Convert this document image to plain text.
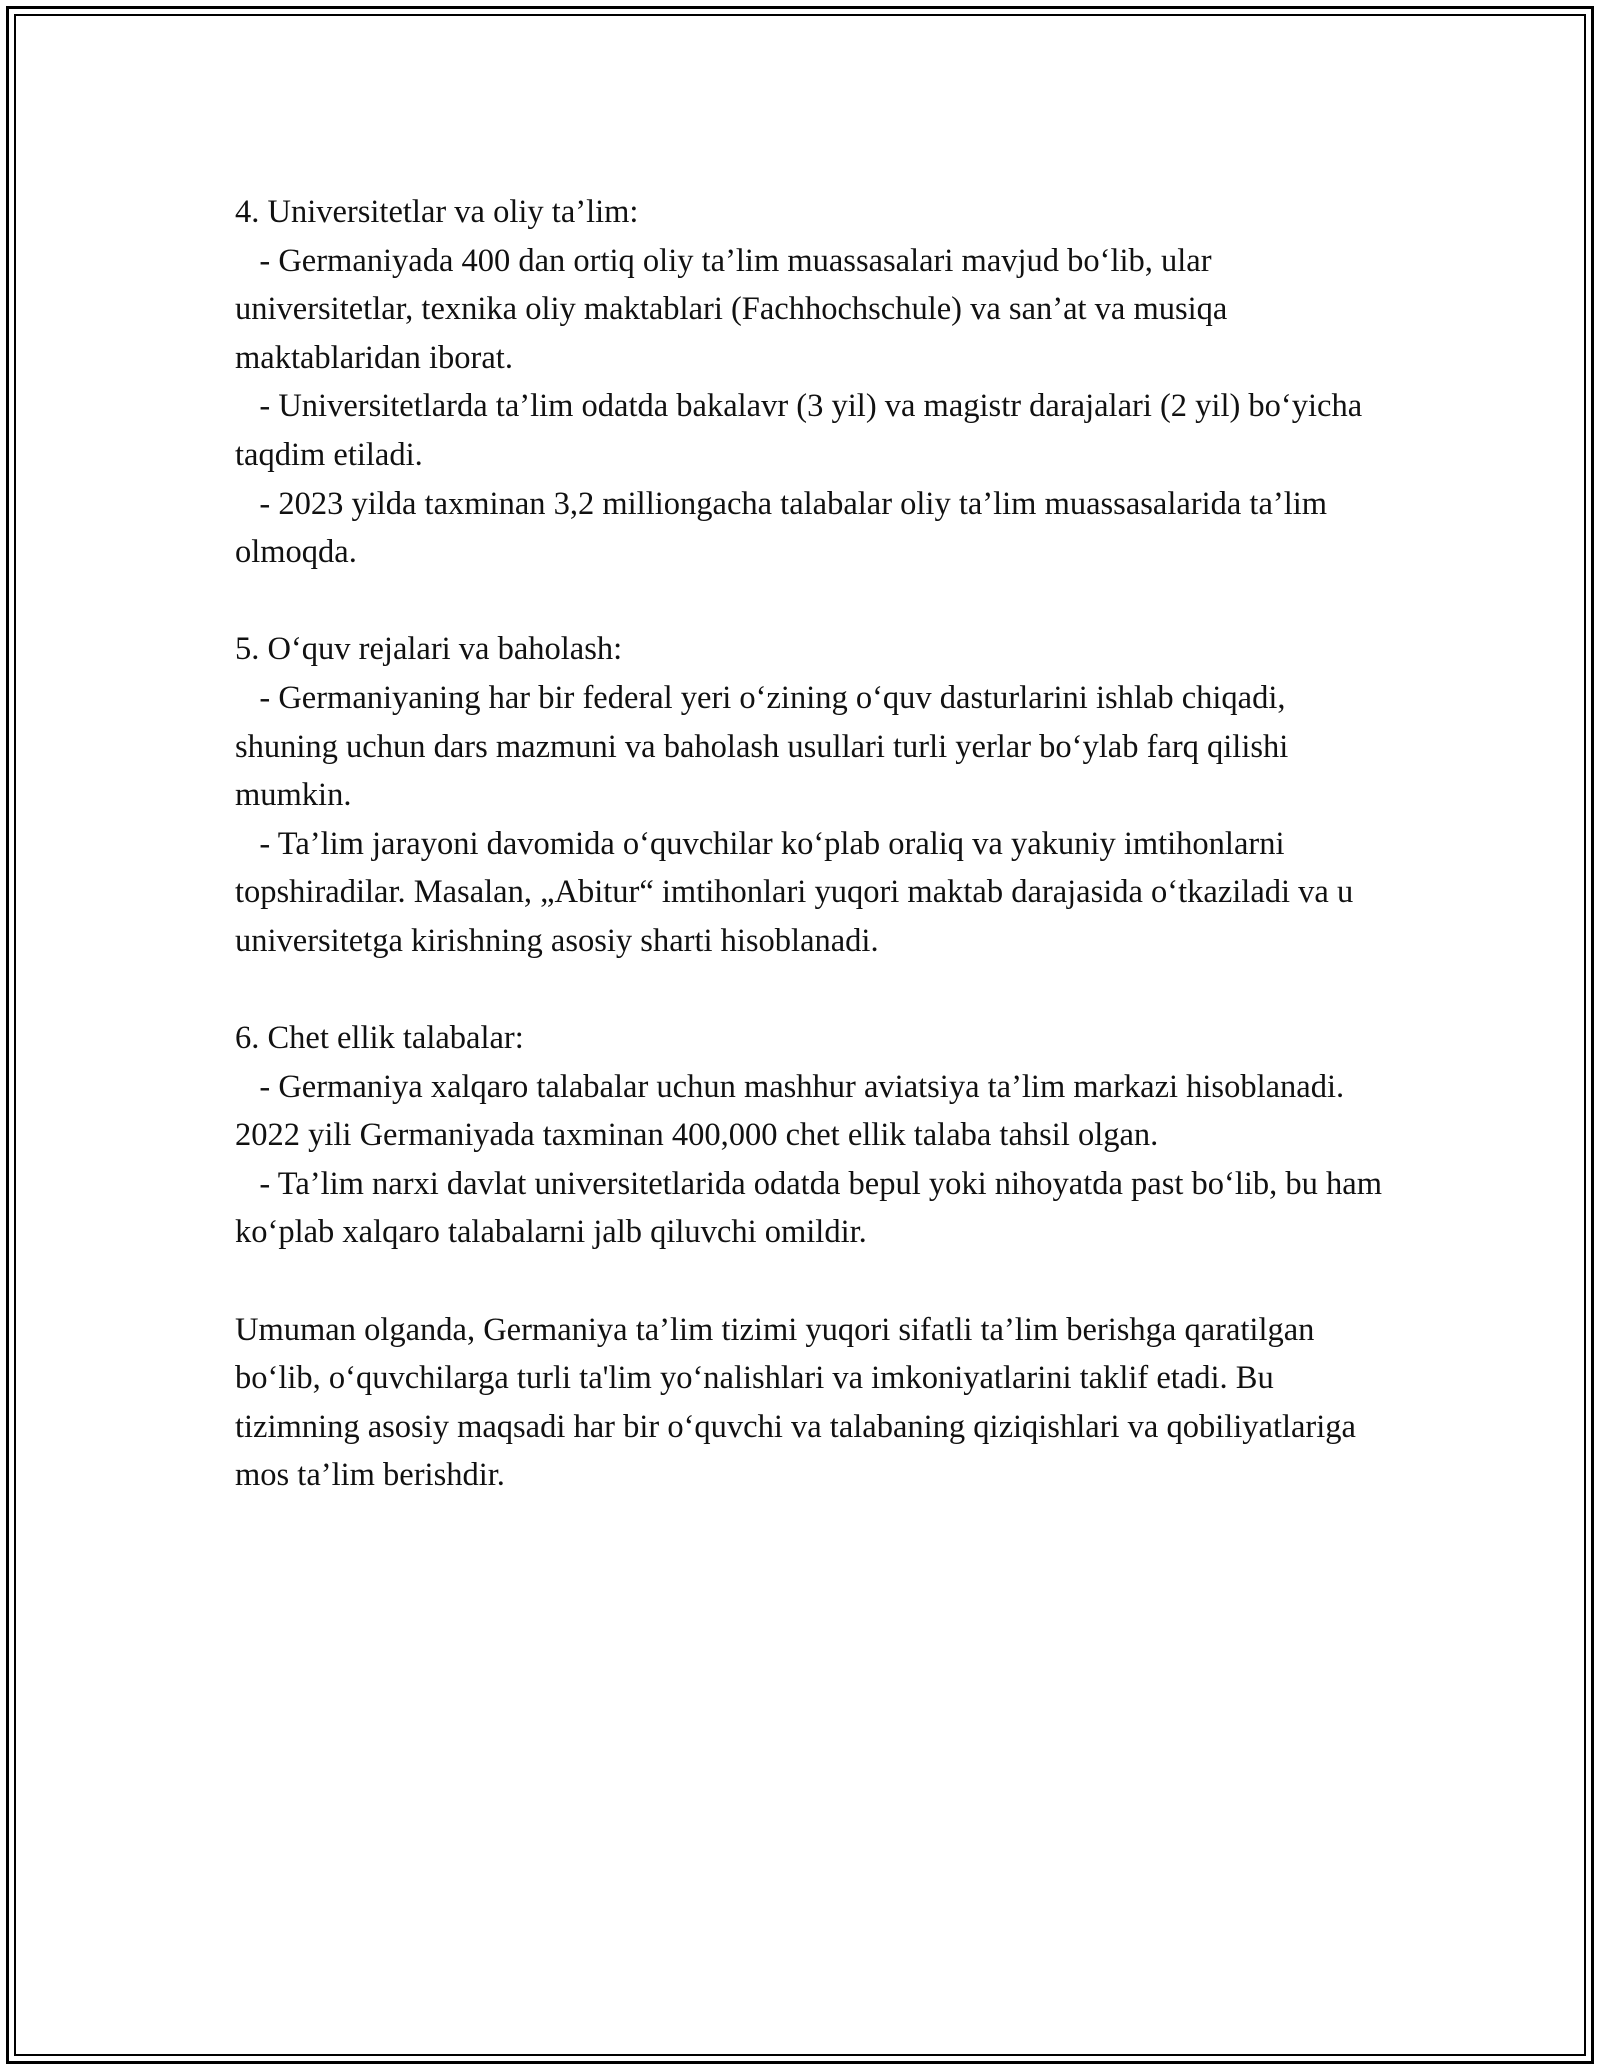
4. Universitetlar va oliy ta’lim:

- Germaniyada 400 dan ortiq oliy ta’lim muassasalari mavjud bo‘lib, ular universitetlar, texnika oliy maktablari (Fachhochschule) va san’at va musiqa maktablaridan iborat.

- Universitetlarda ta’lim odatda bakalavr (3 yil) va magistr darajalari (2 yil) bo‘yicha taqdim etiladi.

- 2023 yilda taxminan 3,2 milliongacha talabalar oliy ta’lim muassasalarida ta’lim olmoqda.

5. O‘quv rejalari va baholash:

- Germaniyaning har bir federal yeri o‘zining o‘quv dasturlarini ishlab chiqadi, shuning uchun dars mazmuni va baholash usullari turli yerlar bo‘ylab farq qilishi mumkin.

- Ta’lim jarayoni davomida o‘quvchilar ko‘plab oraliq va yakuniy imtihonlarni topshiradilar. Masalan, „Abitur“ imtihonlari yuqori maktab darajasida o‘tkaziladi va u universitetga kirishning asosiy sharti hisoblanadi.

6. Chet ellik talabalar:

- Germaniya xalqaro talabalar uchun mashhur aviatsiya ta’lim markazi hisoblanadi. 2022 yili Germaniyada taxminan 400,000 chet ellik talaba tahsil olgan.

- Ta’lim narxi davlat universitetlarida odatda bepul yoki nihoyatda past bo‘lib, bu ham ko‘plab xalqaro talabalarni jalb qiluvchi omildir.

Umuman olganda, Germaniya ta’lim tizimi yuqori sifatli ta’lim berishga qaratilgan bo‘lib, o‘quvchilarga turli ta'lim yo‘nalishlari va imkoniyatlarini taklif etadi. Bu tizimning asosiy maqsadi har bir o‘quvchi va talabaning qiziqishlari va qobiliyatlariga mos ta’lim berishdir.
